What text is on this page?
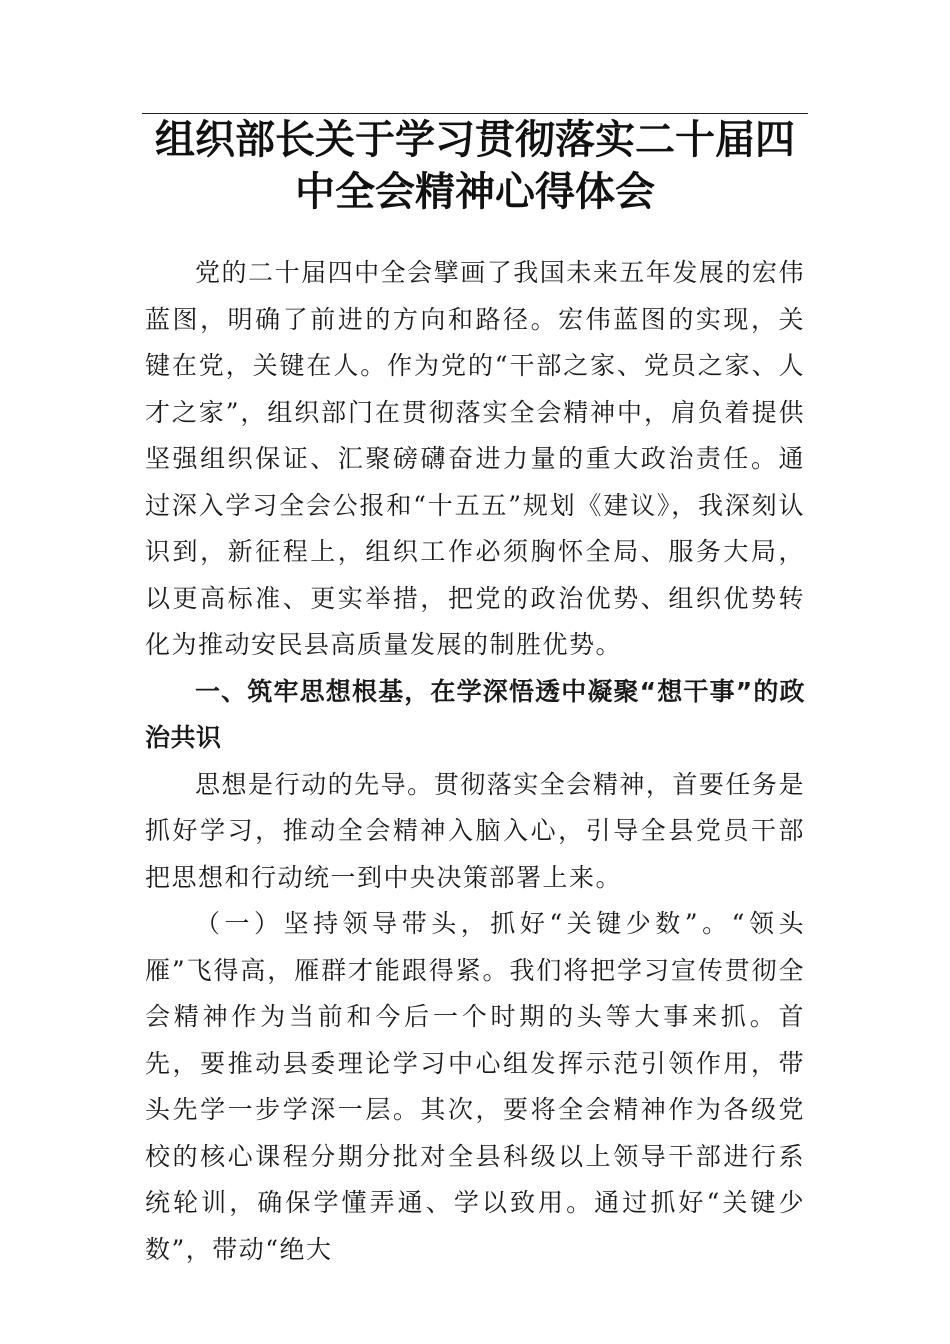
组织部长关于学习贯彻落实二十届四中全会精神心得体会

党的二十届四中全会擘画了我国未来五年发展的宏伟蓝图，明确了前进的方向和路径。宏伟蓝图的实现，关键在党，关键在人。作为党的“干部之家、党员之家、人才之家”，组织部门在贯彻落实全会精神中，肩负着提供坚强组织保证、汇聚磅礴奋进力量的重大政治责任。通过深入学习全会公报和“十五五”规划《建议》，我深刻认识到，新征程上，组织工作必须胸怀全局、服务大局，以更高标准、更实举措，把党的政治优势、组织优势转化为推动安民县高质量发展的制胜优势。

一、筑牢思想根基，在学深悟透中凝聚“想干事”的政治共识

思想是行动的先导。贯彻落实全会精神，首要任务是抓好学习，推动全会精神入脑入心，引导全县党员干部把思想和行动统一到中央决策部署上来。

（一）坚持领导带头，抓好“关键少数”。“领头雁”飞得高，雁群才能跟得紧。我们将把学习宣传贯彻全会精神作为当前和今后一个时期的头等大事来抓。首先，要推动县委理论学习中心组发挥示范引领作用，带头先学一步学深一层。其次，要将全会精神作为各级党校的核心课程分期分批对全县科级以上领导干部进行系统轮训，确保学懂弄通、学以致用。通过抓好“关键少数”，带动“绝大
